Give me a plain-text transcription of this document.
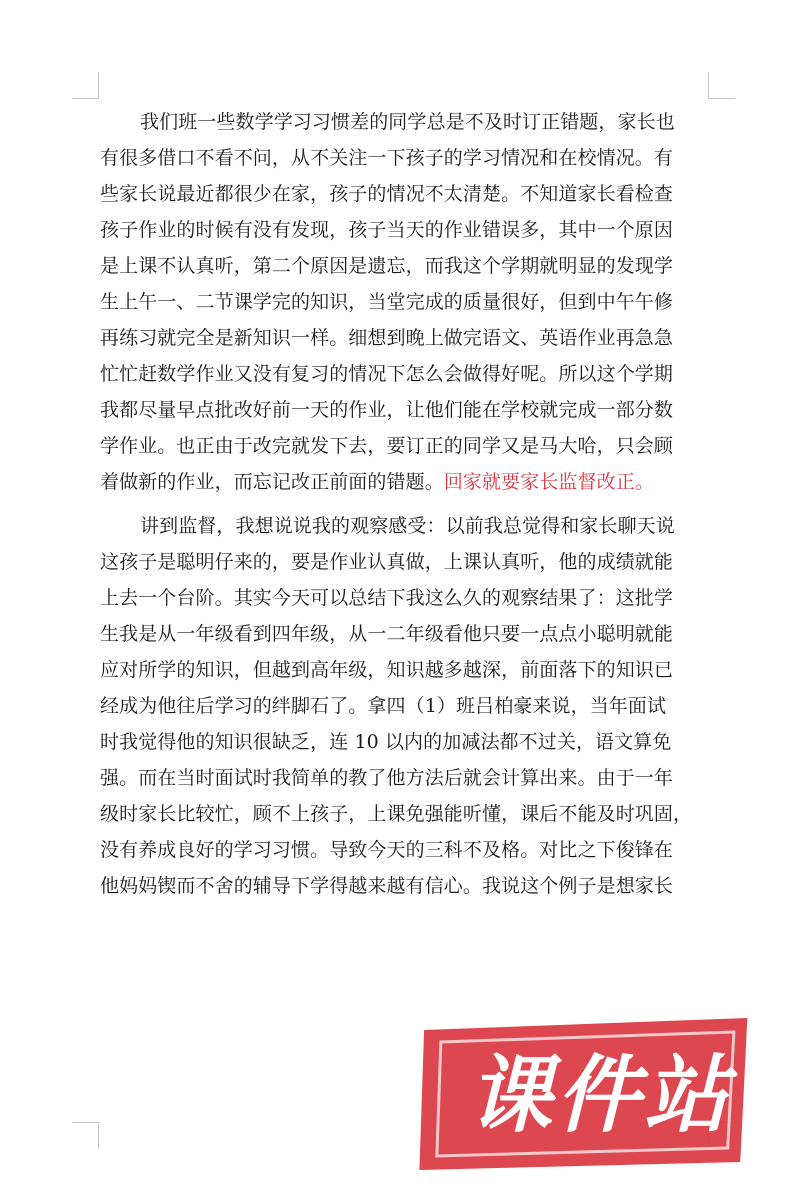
我们班一些数学学习习惯差的同学总是不及时订正错题，家长也
有很多借口不看不问，从不关注一下孩子的学习情况和在校情况。有
些家长说最近都很少在家，孩子的情况不太清楚。不知道家长看检查
孩子作业的时候有没有发现，孩子当天的作业错误多，其中一个原因
是上课不认真听，第二个原因是遗忘，而我这个学期就明显的发现学
生上午一、二节课学完的知识，当堂完成的质量很好，但到中午午修
再练习就完全是新知识一样。细想到晚上做完语文、英语作业再急急
忙忙赶数学作业又没有复习的情况下怎么会做得好呢。所以这个学期
我都尽量早点批改好前一天的作业，让他们能在学校就完成一部分数
学作业。也正由于改完就发下去，要订正的同学又是马大哈，只会顾
着做新的作业，而忘记改正前面的错题。回家就要家长监督改正。
讲到监督，我想说说我的观察感受：以前我总觉得和家长聊天说
这孩子是聪明仔来的，要是作业认真做，上课认真听，他的成绩就能
上去一个台阶。其实今天可以总结下我这么久的观察结果了：这批学
生我是从一年级看到四年级，从一二年级看他只要一点点小聪明就能
应对所学的知识，但越到高年级，知识越多越深，前面落下的知识已
经成为他往后学习的绊脚石了。拿四（1）班吕柏豪来说，当年面试
时我觉得他的知识很缺乏，连 10 以内的加减法都不过关，语文算免
强。而在当时面试时我简单的教了他方法后就会计算出来。由于一年
级时家长比较忙，顾不上孩子，上课免强能听懂，课后不能及时巩固，
没有养成良好的学习习惯。导致今天的三科不及格。对比之下俊锋在
他妈妈锲而不舍的辅导下学得越来越有信心。我说这个例子是想家长
课件站
